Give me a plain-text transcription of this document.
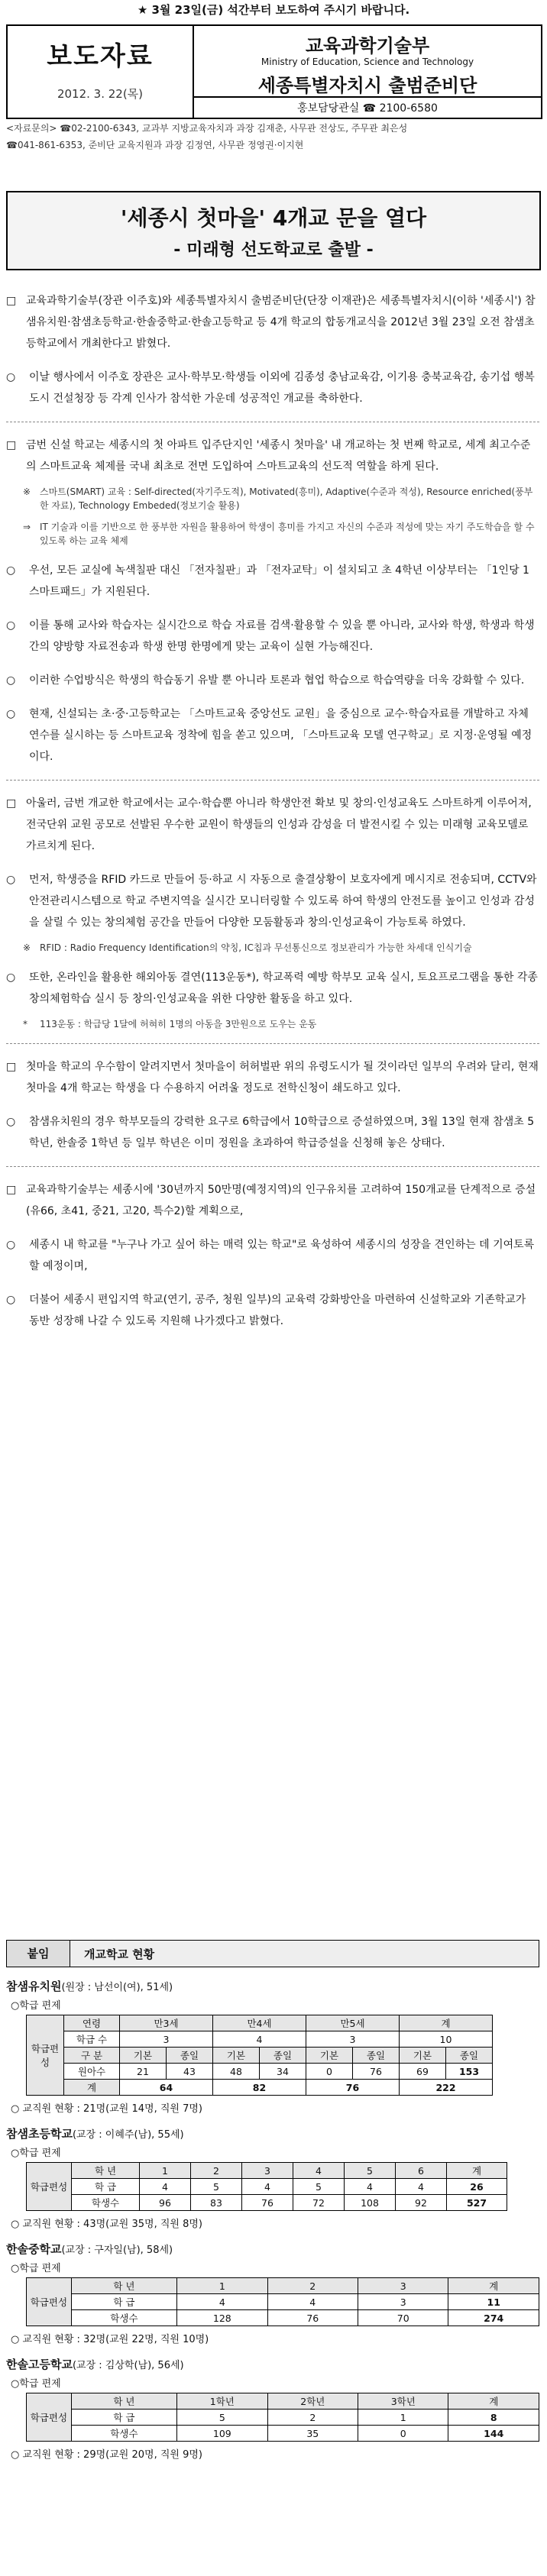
★ 3월 23일(금) 석간부터 보도하여 주시기 바랍니다.
보도자료
2012. 3. 22(목)
교육과학기술부
Ministry of Education, Science and Technology
세종특별자치시 출범준비단
홍보담당관실 ☎ 2100-6580

<자료문의> ☎02-2100-6343, 교과부 지방교육자치과 과장 김재춘, 사무관 전상도, 주무관 최은성

☎041-861-6353, 준비단 교육지원과 과장 김정연, 사무관 정영권·이지현

'세종시 첫마을' 4개교 문을 열다
- 미래형 선도학교로 출발 -
□ 교육과학기술부(장관 이주호)와 세종특별자치시 출범준비단(단장 이재관)은 세종특별자치시(이하 '세종시') 참샘유치원·참샘초등학교·한솔중학교·한솔고등학교 등 4개 학교의 합동개교식을 2012년 3월 23일 오전 참샘초등학교에서 개최한다고 밝혔다.
○ 이날 행사에서 이주호 장관은 교사·학부모·학생들 이외에 김종성 충남교육감, 이기용 충북교육감, 송기섭 행복도시 건설청장 등 각계 인사가 참석한 가운데 성공적인 개교를 축하한다.
□ 금번 신설 학교는 세종시의 첫 아파트 입주단지인 '세종시 첫마을' 내 개교하는 첫 번째 학교로, 세계 최고수준의 스마트교육 체제를 국내 최초로 전면 도입하여 스마트교육의 선도적 역할을 하게 된다.
※ 스마트(SMART) 교육 : Self-directed(자기주도적), Motivated(흥미), Adaptive(수준과 적성), Resource enriched(풍부한 자료), Technology Embeded(정보기술 활용)
⇒ IT 기술과 이를 기반으로 한 풍부한 자원을 활용하여 학생이 흥미를 가지고 자신의 수준과 적성에 맞는 자기 주도학습을 할 수 있도록 하는 교육 체제
○ 우선, 모든 교실에 녹색칠판 대신 「전자칠판」과 「전자교탁」이 설치되고 초 4학년 이상부터는 「1인당 1 스마트패드」가 지원된다.
○ 이를 통해 교사와 학습자는 실시간으로 학습 자료를 검색·활용할 수 있을 뿐 아니라, 교사와 학생, 학생과 학생 간의 양방향 자료전송과 학생 한명 한명에게 맞는 교육이 실현 가능해진다.
○ 이러한 수업방식은 학생의 학습동기 유발 뿐 아니라 토론과 협업 학습으로 학습역량을 더욱 강화할 수 있다.
○ 현재, 신설되는 초·중·고등학교는 「스마트교육 중앙선도 교원」을 중심으로 교수·학습자료를 개발하고 자체 연수를 실시하는 등 스마트교육 정착에 힘을 쏟고 있으며, 「스마트교육 모델 연구학교」로 지정·운영될 예정이다.
□ 아울러, 금번 개교한 학교에서는 교수·학습뿐 아니라 학생안전 확보 및 창의·인성교육도 스마트하게 이루어져, 전국단위 교원 공모로 선발된 우수한 교원이 학생들의 인성과 감성을 더 발전시킬 수 있는 미래형 교육모델로 가르치게 된다.
○ 먼저, 학생증을 RFID 카드로 만들어 등·하교 시 자동으로 출결상황이 보호자에게 메시지로 전송되며, CCTV와 안전관리시스템으로 학교 주변지역을 실시간 모니터링할 수 있도록 하여 학생의 안전도를 높이고 인성과 감성을 살릴 수 있는 창의체험 공간을 만들어 다양한 모둠활동과 창의·인성교육이 가능토록 하였다.
※ RFID : Radio Frequency Identification의 약칭, IC칩과 무선통신으로 정보관리가 가능한 차세대 인식기술
○ 또한, 온라인을 활용한 해외아동 결연(113운동*), 학교폭력 예방 학부모 교육 실시, 토요프로그램을 통한 각종 창의체험학습 실시 등 창의·인성교육을 위한 다양한 활동을 하고 있다.
* 113운동 : 학급당 1달에 허혀히 1명의 아동을 3만원으로 도우는 운동
□ 첫마을 학교의 우수함이 알려지면서 첫마을이 허허벌판 위의 유령도시가 될 것이라던 일부의 우려와 달리, 현재 첫마을 4개 학교는 학생을 다 수용하지 어려울 정도로 전학신청이 쇄도하고 있다.
○ 참샘유치원의 경우 학부모들의 강력한 요구로 6학급에서 10학급으로 증설하였으며, 3월 13일 현재 참샘초 5학년, 한솔중 1학년 등 일부 학년은 이미 정원을 초과하여 학급증설을 신청해 놓은 상태다.
□ 교육과학기술부는 세종시에 '30년까지 50만명(예정지역)의 인구유치를 고려하여 150개교를 단계적으로 증설(유66, 초41, 중21, 고20, 특수2)할 계획으로,
○ 세종시 내 학교를 "누구나 가고 싶어 하는 매력 있는 학교"로 육성하여 세종시의 성장을 견인하는 데 기여토록 할 예정이며,
○ 더불어 세종시 편입지역 학교(연기, 공주, 청원 일부)의 교육력 강화방안을 마련하여 신설학교와 기존학교가 동반 성장해 나갈 수 있도록 지원해 나가겠다고 밝혔다.
붙임	개교학교 현황
참샘유치원(원장 : 남선이(여), 51세)
○학급 편제
학급편성	연령	만3세		만4세		만5세		계	
	학급 수	3		4		3		10	
	구 분	기본	종일	기본	종일	기본	종일	기본	종일
	원아수	21	43	48	34	0	76	69	153
	계	64		82		76		222	
○ 교직원 현황 : 21명(교원 14명, 직원 7명)
참샘초등학교(교장 : 이혜주(남), 55세)
○학급 편제
학급편성	학 년	1	2	3	4	5	6	계
	학 급	4	5	4	5	4	4	26
	학생수	96	83	76	72	108	92	527
○ 교직원 현황 : 43명(교원 35명, 직원 8명)
한솔중학교(교장 : 구자일(남), 58세)
○학급 편제
학급편성	학 년	1	2	3	계
	학 급	4	4	3	11
	학생수	128	76	70	274
○ 교직원 현황 : 32명(교원 22명, 직원 10명)
한솔고등학교(교장 : 김상학(남), 56세)
○학급 편제
학급편성	학 년	1학년	2학년	3학년	계
	학 급	5	2	1	8
	학생수	109	35	0	144
○ 교직원 현황 : 29명(교원 20명, 직원 9명)
